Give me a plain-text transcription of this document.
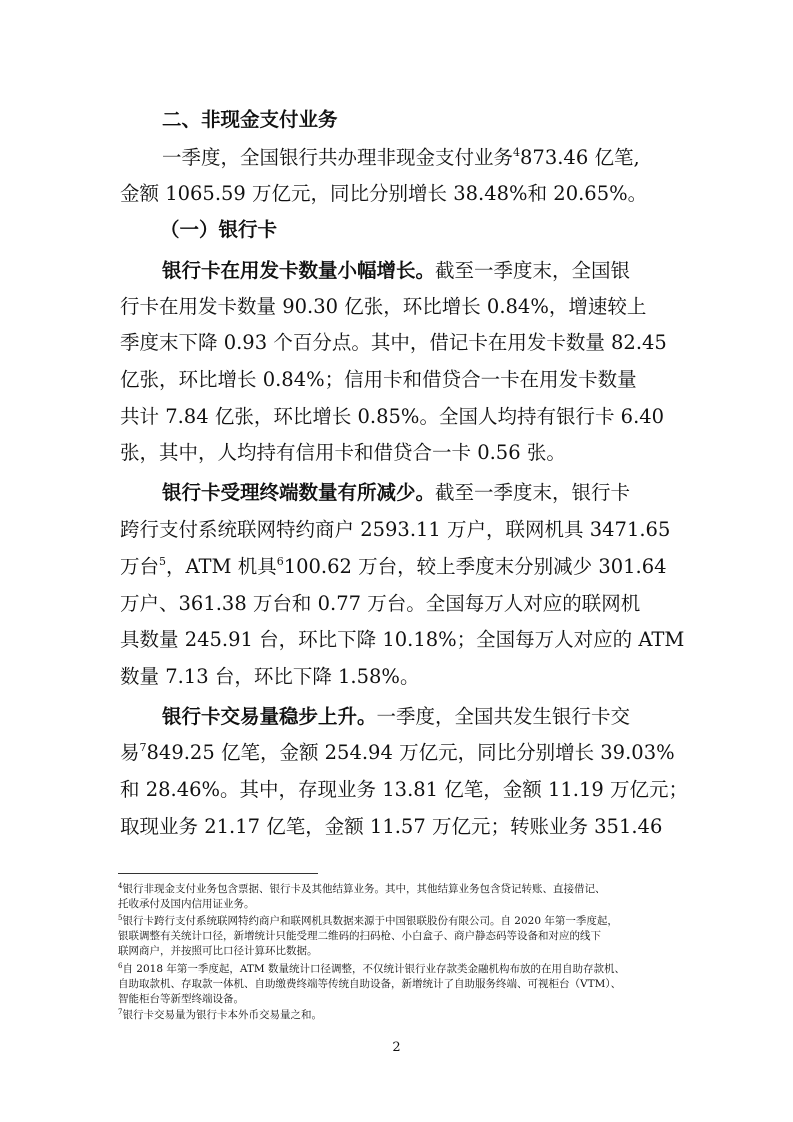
二、非现金支付业务
一季度，全国银行共办理非现金支付业务$^4$873.46 亿笔,
金额 1065.59 万亿元，同比分别增长 38.48%和 20.65%。
（一）银行卡
银行卡在用发卡数量小幅增长。截至一季度末，全国银
行卡在用发卡数量 90.30 亿张，环比增长 0.84%，增速较上
季度末下降 0.93 个百分点。其中，借记卡在用发卡数量 82.45
亿张，环比增长 0.84%；信用卡和借贷合一卡在用发卡数量
共计 7.84 亿张，环比增长 0.85%。全国人均持有银行卡 6.40
张，其中，人均持有信用卡和借贷合一卡 0.56 张。
银行卡受理终端数量有所减少。截至一季度末，银行卡
跨行支付系统联网特约商户 2593.11 万户，联网机具 3471.65
万台$^5$，ATM 机具$^6$100.62 万台，较上季度末分别减少 301.64
万户、361.38 万台和 0.77 万台。全国每万人对应的联网机
具数量 245.91 台，环比下降 10.18%；全国每万人对应的 ATM
数量 7.13 台，环比下降 1.58%。
银行卡交易量稳步上升。一季度，全国共发生银行卡交
易$^7$849.25 亿笔，金额 254.94 万亿元，同比分别增长 39.03%
和 28.46%。其中，存现业务 13.81 亿笔，金额 11.19 万亿元；
取现业务 21.17 亿笔，金额 11.57 万亿元；转账业务 351.46
$^4$银行非现金支付业务包含票据、银行卡及其他结算业务。其中，其他结算业务包含贷记转账、直接借记、
托收承付及国内信用证业务。
$^5$银行卡跨行支付系统联网特约商户和联网机具数据来源于中国银联股份有限公司。自 2020 年第一季度起，
银联调整有关统计口径，新增统计只能受理二维码的扫码枪、小白盒子、商户静态码等设备和对应的线下
联网商户，并按照可比口径计算环比数据。
$^6$自 2018 年第一季度起，ATM 数量统计口径调整，不仅统计银行业存款类金融机构布放的在用自助存款机、
自助取款机、存取款一体机、自助缴费终端等传统自助设备，新增统计了自助服务终端、可视柜台（VTM）、
智能柜台等新型终端设备。
$^7$银行卡交易量为银行卡本外币交易量之和。
2
